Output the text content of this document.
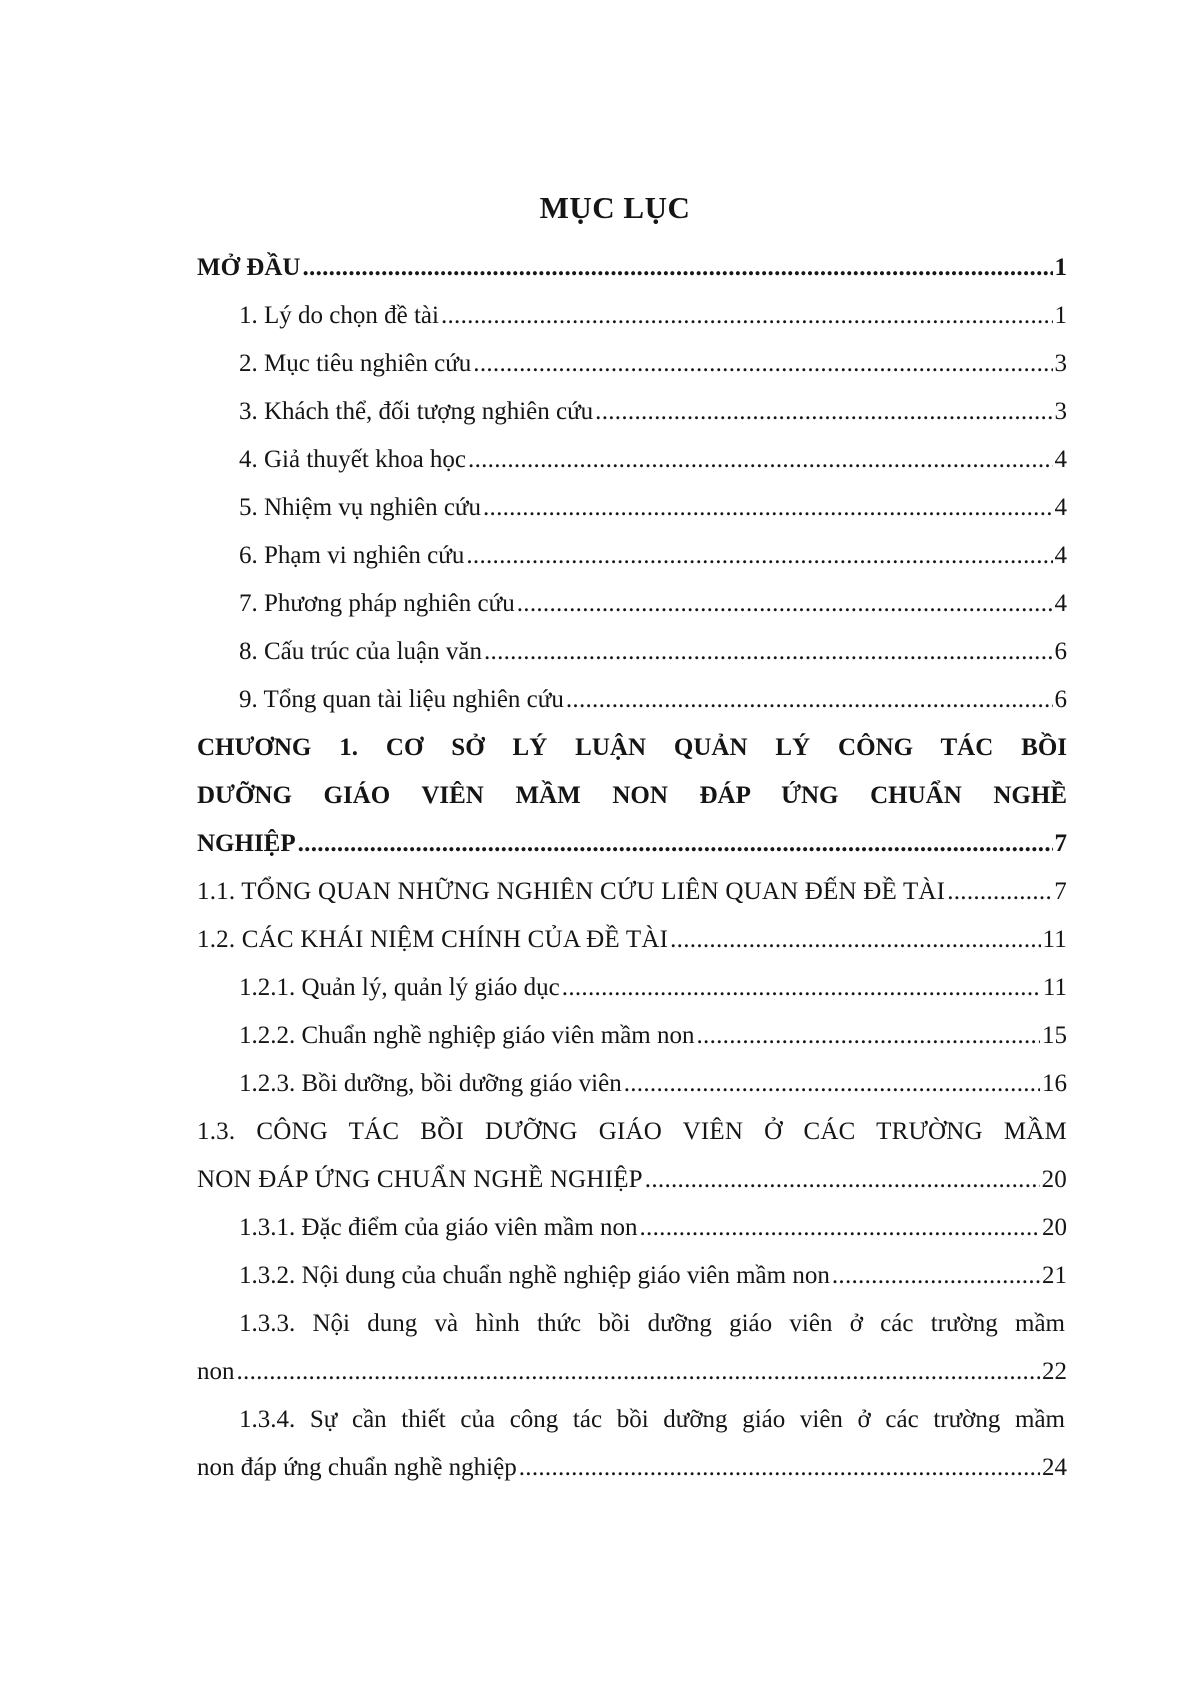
MỤC LỤC
MỞ ĐẦU .....	1
1. Lý do chọn đề tài .....	1
2. Mục tiêu nghiên cứu .....	3
3. Khách thể, đối tượng nghiên cứu .....	3
4. Giả thuyết khoa học .....	4
5. Nhiệm vụ nghiên cứu .....	4
6. Phạm vi nghiên cứu .....	4
7. Phương pháp nghiên cứu .....	4
8. Cấu trúc của luận văn .....	6
9. Tổng quan tài liệu nghiên cứu .....	6
CHƯƠNG 1. CƠ SỞ LÝ LUẬN QUẢN LÝ CÔNG TÁC BỒI
DƯỠNG GIÁO VIÊN MẦM NON ĐÁP ỨNG CHUẨN NGHỀ
NGHIỆP .....	7
1.1. TỔNG QUAN NHỮNG NGHIÊN CỨU LIÊN QUAN ĐẾN ĐỀ TÀI .....	7
1.2. CÁC KHÁI NIỆM CHÍNH CỦA ĐỀ TÀI .....	11
1.2.1. Quản lý, quản lý giáo dục .....	11
1.2.2. Chuẩn nghề nghiệp giáo viên mầm non .....	15
1.2.3. Bồi dưỡng, bồi dưỡng giáo viên .....	16
1.3. CÔNG TÁC BỒI DƯỠNG GIÁO VIÊN Ở CÁC TRƯỜNG MẦM
NON ĐÁP ỨNG CHUẨN NGHỀ NGHIỆP .....	20
1.3.1. Đặc điểm của giáo viên mầm non .....	20
1.3.2. Nội dung của chuẩn nghề nghiệp giáo viên mầm non .....	21
1.3.3. Nội dung và hình thức bồi dưỡng giáo viên ở các trường mầm
non .....	22
1.3.4. Sự cần thiết của công tác bồi dưỡng giáo viên ở các trường mầm
non đáp ứng chuẩn nghề nghiệp .....	24
